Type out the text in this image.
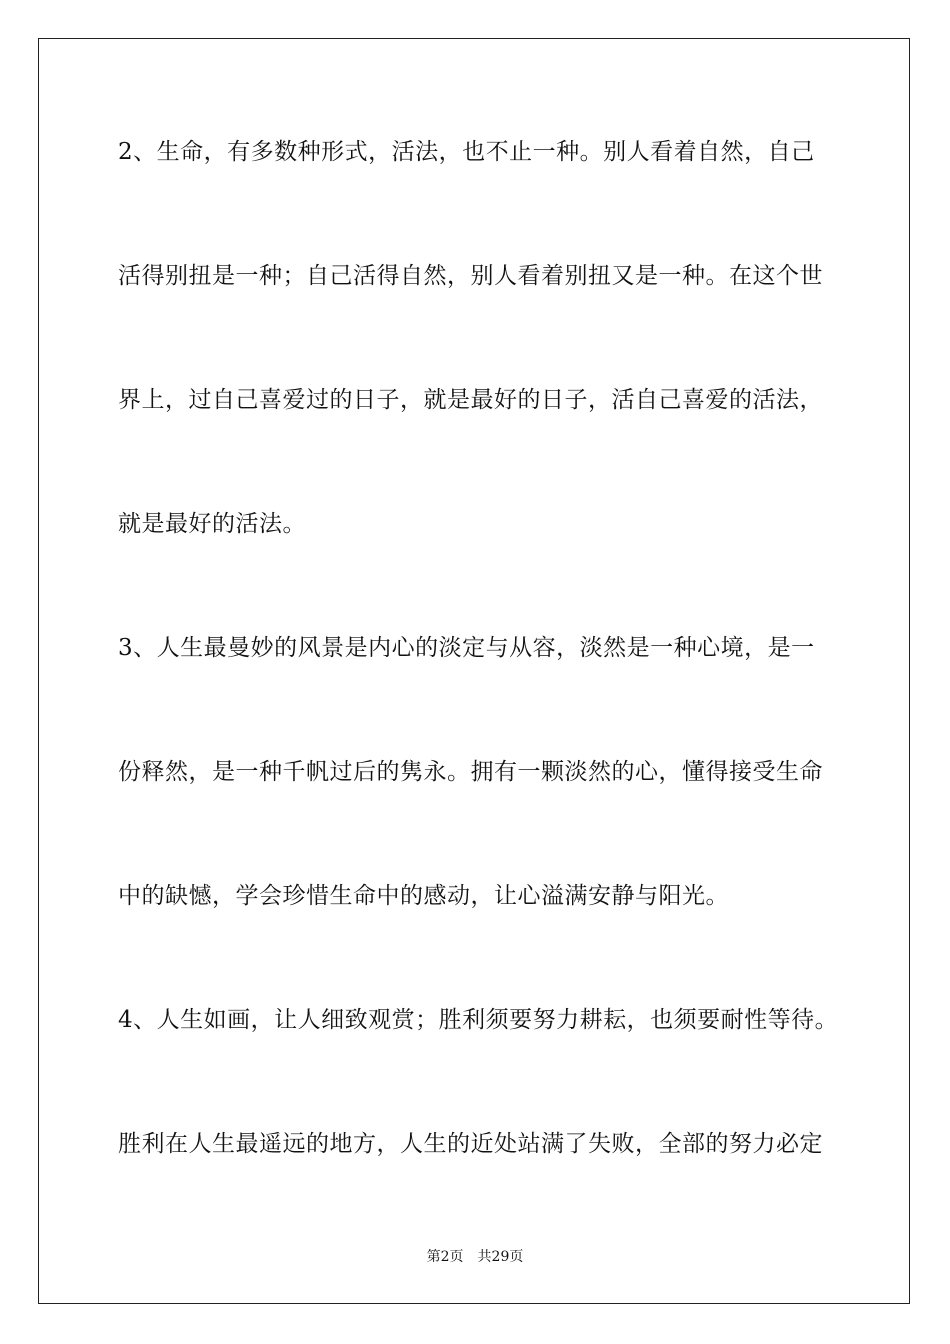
2、生命，有多数种形式，活法，也不止一种。别人看着自然，自己
活得别扭是一种；自己活得自然，别人看着别扭又是一种。在这个世
界上，过自己喜爱过的日子，就是最好的日子，活自己喜爱的活法，
就是最好的活法。
3、人生最曼妙的风景是内心的淡定与从容，淡然是一种心境，是一
份释然，是一种千帆过后的隽永。拥有一颗淡然的心，懂得接受生命
中的缺憾，学会珍惜生命中的感动，让心溢满安静与阳光。
4、人生如画，让人细致观赏；胜利须要努力耕耘，也须要耐性等待。
胜利在人生最遥远的地方，人生的近处站满了失败，全部的努力必定
第2页 共29页
